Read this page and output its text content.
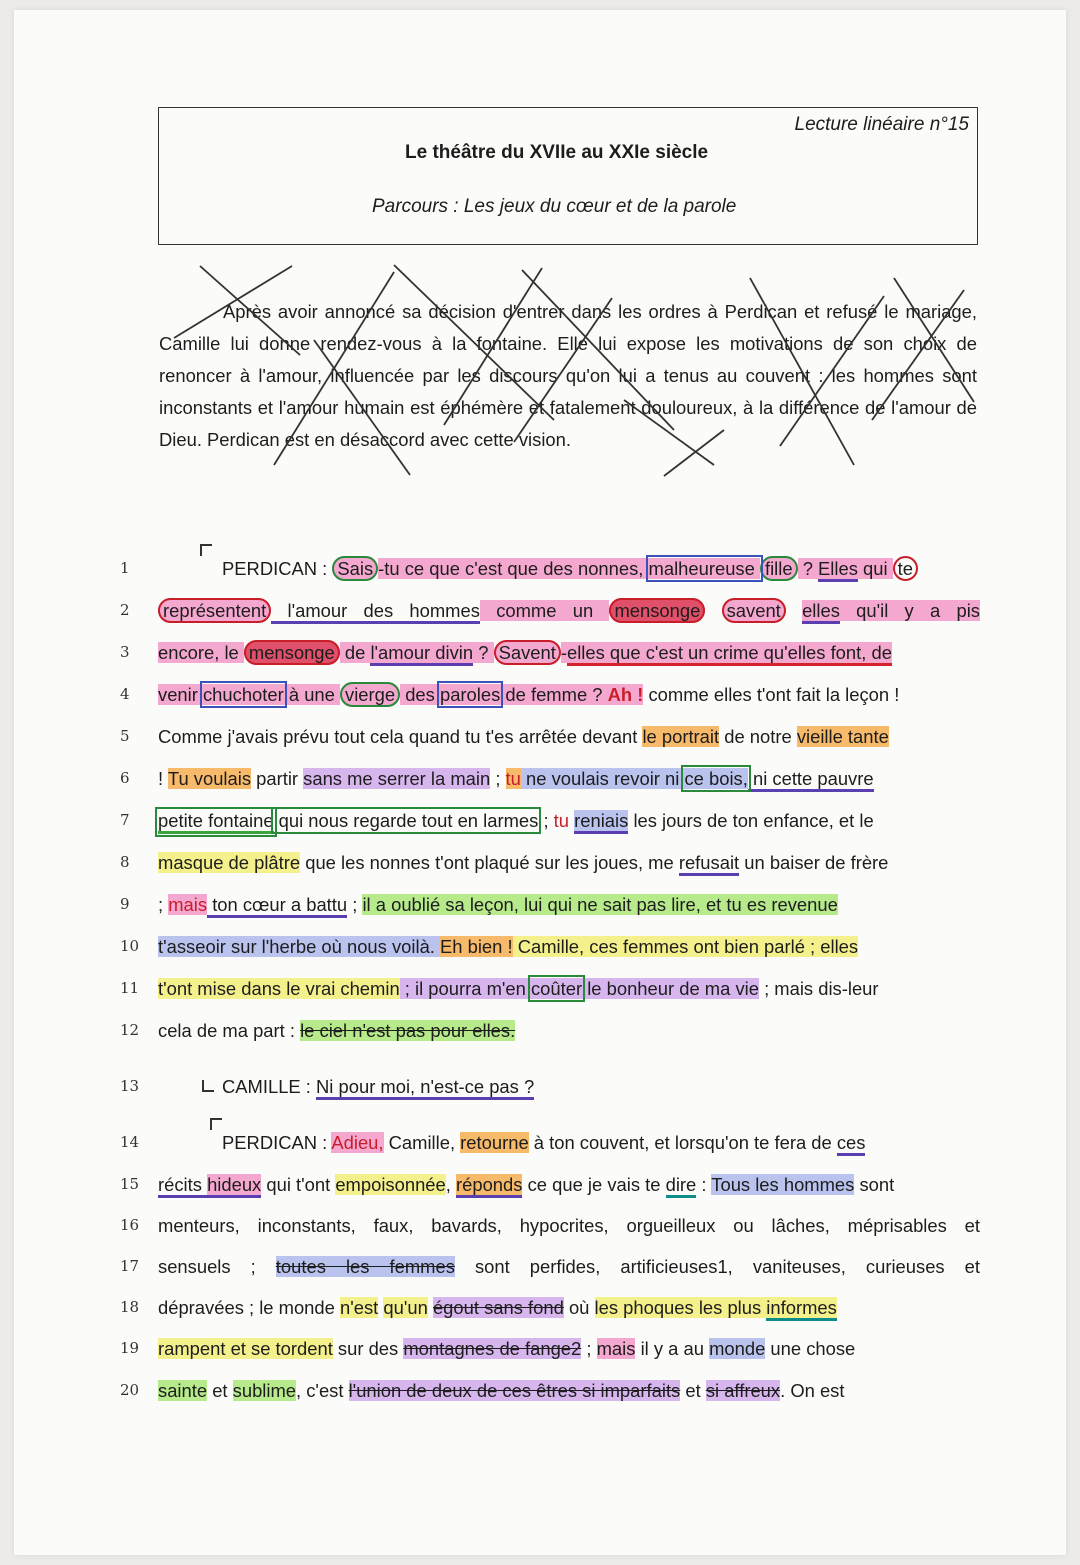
Lecture linéaire n°15
Le théâtre du XVIIe au XXIe siècle
Parcours : Les jeux du cœur et de la parole

Après avoir annoncé sa décision d'entrer dans les ordres à Perdican et refusé le mariage, Camille lui donne rendez-vous à la fontaine. Elle lui expose les motivations de son choix de renoncer à l'amour, influencée par les discours qu'on lui a tenus au couvent : les hommes sont inconstants et l'amour humain est éphémère et fatalement douloureux, à la différence de l'amour de Dieu. Perdican est en désaccord avec cette vision.

1	PERDICAN : Sais -tu ce que c'est que des nonnes, malheureuse fille ? Elles qui te
2	représentent l'amour des hommes comme un mensonge savent elles qu'il y a pis
3	encore, le mensonge de l'amour divin ? Savent -elles que c'est un crime qu'elles font, de
4	venir chuchoter à une vierge des paroles de femme ? Ah ! comme elles t'ont fait la leçon !
5	Comme j'avais prévu tout cela quand tu t'es arrêtée devant le portrait de notre vieille tante
6	! Tu voulais partir sans me serrer la main ; tu ne voulais revoir ni ce bois, ni cette pauvre
7	petite fontaine qui nous regarde tout en larmes ; tu reniais les jours de ton enfance, et le
8	masque de plâtre que les nonnes t'ont plaqué sur les joues, me refusait un baiser de frère
9	; mais ton cœur a battu ; il a oublié sa leçon, lui qui ne sait pas lire, et tu es revenue
10	t'asseoir sur l'herbe où nous voilà. Eh bien ! Camille, ces femmes ont bien parlé ; elles
11	t'ont mise dans le vrai chemin ; il pourra m'en coûter le bonheur de ma vie ; mais dis-leur
12	cela de ma part : le ciel n'est pas pour elles.
13	CAMILLE : Ni pour moi, n'est-ce pas ?
14	PERDICAN : Adieu, Camille, retourne à ton couvent, et lorsqu'on te fera de ces
15	récits hideux qui t'ont empoisonnée, réponds ce que je vais te dire : Tous les hommes sont
16	menteurs, inconstants, faux, bavards, hypocrites, orgueilleux ou lâches, méprisables et
17	sensuels ; toutes les femmes sont perfides, artificieuses1, vaniteuses, curieuses et
18	dépravées ; le monde n'est qu'un égout sans fond où les phoques les plus informes
19	rampent et se tordent sur des montagnes de fange2 ; mais il y a au monde une chose
20	sainte et sublime, c'est l'union de deux de ces êtres si imparfaits et si affreux. On est
